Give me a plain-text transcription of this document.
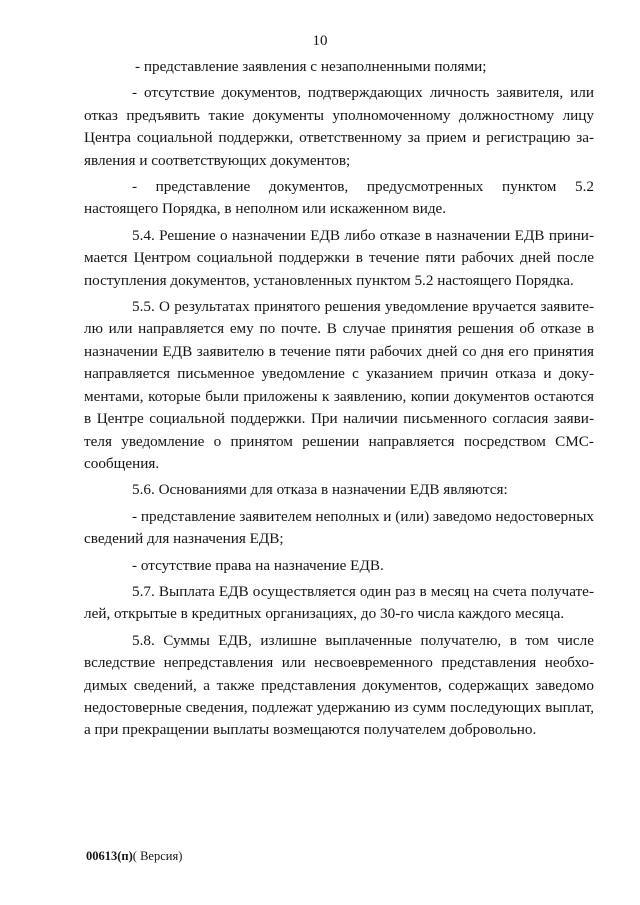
10

- представление заявления с незаполненными полями;

- отсутствие документов, подтверждающих личность заявителя, или отказ предъявить такие документы уполномоченному должностному лицу Центра социальной поддержки, ответственному за прием и регистрацию заявления и соответствующих документов;

- представление документов, предусмотренных пунктом 5.2 настоящего Порядка, в неполном или искаженном виде.

5.4. Решение о назначении ЕДВ либо отказе в назначении ЕДВ принимается Центром социальной поддержки в течение пяти рабочих дней после поступления документов, установленных пунктом 5.2 настоящего Порядка.

5.5. О результатах принятого решения уведомление вручается заявителю или направляется ему по почте. В случае принятия решения об отказе в назначении ЕДВ заявителю в течение пяти рабочих дней со дня его принятия направляется письменное уведомление с указанием причин отказа и документами, которые были приложены к заявлению, копии документов остаются в Центре социальной поддержки. При наличии письменного согласия заявителя уведомление о принятом решении направляется посредством СМС-сообщения.

5.6. Основаниями для отказа в назначении ЕДВ являются:

- представление заявителем неполных и (или) заведомо недостоверных сведений для назначения ЕДВ;

- отсутствие права на назначение ЕДВ.

5.7. Выплата ЕДВ осуществляется один раз в месяц на счета получателей, открытые в кредитных организациях, до 30-го числа каждого месяца.

5.8. Суммы ЕДВ, излишне выплаченные получателю, в том числе вследствие непредставления или несвоевременного представления необходимых сведений, а также представления документов, содержащих заведомо недостоверные сведения, подлежат удержанию из сумм последующих выплат, а при прекращении выплаты возмещаются получателем добровольно.

00613(п)( Версия)
